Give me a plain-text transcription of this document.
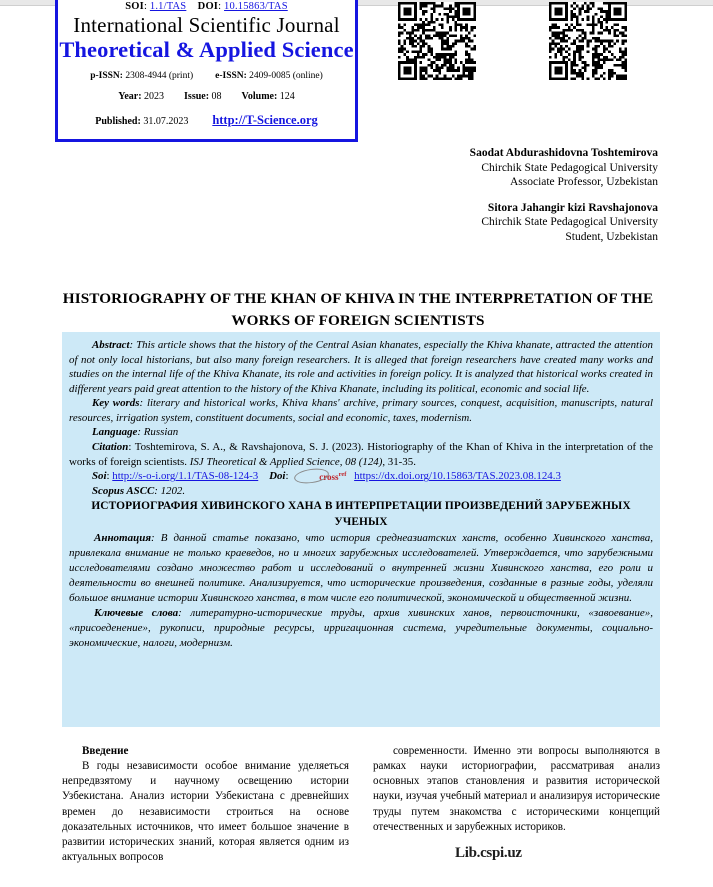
SOI: 1.1/TAS DOI: 10.15863/TAS
International Scientific Journal
Theoretical & Applied Science
p-ISSN: 2308-4944 (print) e-ISSN: 2409-0085 (online)
Year: 2023 Issue: 08 Volume: 124
Published: 31.07.2023 http://T-Science.org
Saodat Abdurashidovna Toshtemirova
Chirchik State Pedagogical University
Associate Professor, Uzbekistan
Sitora Jahangir kizi Ravshajonova
Chirchik State Pedagogical University
Student, Uzbekistan
HISTORIOGRAPHY OF THE KHAN OF KHIVA IN THE INTERPRETATION OF THE WORKS OF FOREIGN SCIENTISTS

Abstract: This article shows that the history of the Central Asian khanates, especially the Khiva khanate, attracted the attention of not only local historians, but also many foreign researchers. It is alleged that foreign researchers have created many works and studies on the internal life of the Khiva Khanate, its role and activities in foreign policy. It is analyzed that historical works created in different years paid great attention to the history of the Khiva Khanate, including its political, economic and social life.

Key words: literary and historical works, Khiva khans' archive, primary sources, conquest, acquisition, manuscripts, natural resources, irrigation system, constituent documents, social and economic, taxes, modernism.

Language: Russian

Citation: Toshtemirova, S. A., & Ravshajonova, S. J. (2023). Historiography of the Khan of Khiva in the interpretation of the works of foreign scientists. ISJ Theoretical & Applied Science, 08 (124), 31-35.

Soi: http://s-o-i.org/1.1/TAS-08-124-3 Doi:	cross$^{ref}$ https://dx.doi.org/10.15863/TAS.2023.08.124.3

Scopus ASCC: 1202.

ИСТОРИОГРАФИЯ ХИВИНСКОГО ХАНА В ИНТЕРПРЕТАЦИИ ПРОИЗВЕДЕНИЙ ЗАРУБЕЖНЫХ УЧЕНЫХ

Аннотация: В данной статье показано, что история среднеазиатских ханств, особенно Хивинского ханства, привлекала внимание не только краеведов, но и многих зарубежных исследователей. Утверждается, что зарубежными исследователями создано множество работ и исследований о внутренней жизни Хивинского ханства, его роли и деятельности во внешней политике. Анализируется, что исторические произведения, созданные в разные годы, уделяли большое внимание истории Хивинского ханства, в том числе его политической, экономической и общественной жизни.

Ключевые слова: литературно-исторические труды, архив хивинских ханов, первоисточники, «завоевание», «присоеденение», рукописи, природные ресурсы, ирригационная система, учредительные документы, социально-экономические, налоги, модернизм.

Введение

В годы независимости особое внимание уделяеться непредвзятому и научному освещению истории Узбекистана. Анализ истории Узбекистана с древнейших времен до независимости строиться на основе доказательных источников, что имеет большое значение в развитии исторических знаний, которая является одним из актуальных вопросов

современности. Именно эти вопросы выполняются в рамках науки историографии, рассматривая анализ основных этапов становления и развития исторической науки, изучая учебный материал и анализируя исторические труды путем знакомства с историческими концепций отечественных и зарубежных историков.

Lib.cspi.uz
